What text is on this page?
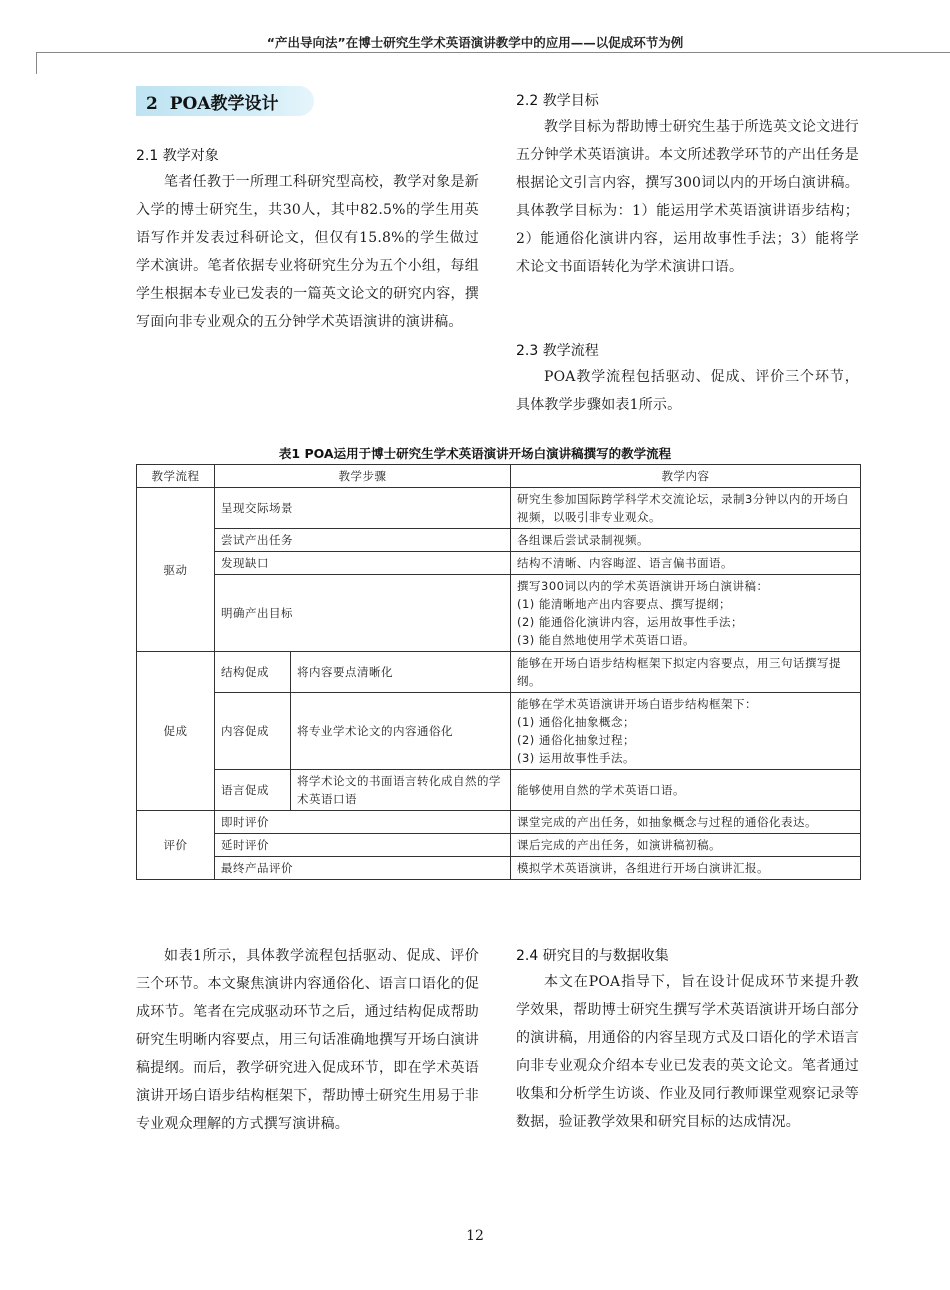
“产出导向法”在博士研究生学术英语演讲教学中的应用——以促成环节为例
2 POA教学设计
2.1 教学对象

笔者任教于一所理工科研究型高校，教学对象是新入学的博士研究生，共30人，其中82.5%的学生用英语写作并发表过科研论文，但仅有15.8%的学生做过学术演讲。笔者依据专业将研究生分为五个小组，每组学生根据本专业已发表的一篇英文论文的研究内容，撰写面向非专业观众的五分钟学术英语演讲的演讲稿。

2.2 教学目标

教学目标为帮助博士研究生基于所选英文论文进行五分钟学术英语演讲。本文所述教学环节的产出任务是根据论文引言内容，撰写300词以内的开场白演讲稿。具体教学目标为：1）能运用学术英语演讲语步结构；2）能通俗化演讲内容，运用故事性手法；3）能将学术论文书面语转化为学术演讲口语。

2.3 教学流程

POA教学流程包括驱动、促成、评价三个环节，具体教学步骤如表1所示。

表1 POA运用于博士研究生学术英语演讲开场白演讲稿撰写的教学流程
教学流程	教学步骤		教学内容
驱动	呈现交际场景		研究生参加国际跨学科学术交流论坛，录制3分钟以内的开场白视频，以吸引非专业观众。
	尝试产出任务		各组课后尝试录制视频。
	发现缺口		结构不清晰、内容晦涩、语言偏书面语。
	明确产出目标		撰写300词以内的学术英语演讲开场白演讲稿：
(1) 能清晰地产出内容要点、撰写提纲；
(2) 能通俗化演讲内容，运用故事性手法；
(3) 能自然地使用学术英语口语。

促成	结构促成	将内容要点清晰化	能够在开场白语步结构框架下拟定内容要点，用三句话撰写提纲。
	内容促成	将专业学术论文的内容通俗化	能够在学术英语演讲开场白语步结构框架下：
(1) 通俗化抽象概念；
(2) 通俗化抽象过程；
(3) 运用故事性手法。

	语言促成	将学术论文的书面语言转化成自然的学术英语口语	能够使用自然的学术英语口语。
评价	即时评价		课堂完成的产出任务，如抽象概念与过程的通俗化表达。
	延时评价		课后完成的产出任务，如演讲稿初稿。
	最终产品评价		模拟学术英语演讲，各组进行开场白演讲汇报。

如表1所示，具体教学流程包括驱动、促成、评价三个环节。本文聚焦演讲内容通俗化、语言口语化的促成环节。笔者在完成驱动环节之后，通过结构促成帮助研究生明晰内容要点，用三句话准确地撰写开场白演讲稿提纲。而后，教学研究进入促成环节，即在学术英语演讲开场白语步结构框架下，帮助博士研究生用易于非专业观众理解的方式撰写演讲稿。

2.4 研究目的与数据收集

本文在POA指导下，旨在设计促成环节来提升教学效果，帮助博士研究生撰写学术英语演讲开场白部分的演讲稿，用通俗的内容呈现方式及口语化的学术语言向非专业观众介绍本专业已发表的英文论文。笔者通过收集和分析学生访谈、作业及同行教师课堂观察记录等数据，验证教学效果和研究目标的达成情况。

12
